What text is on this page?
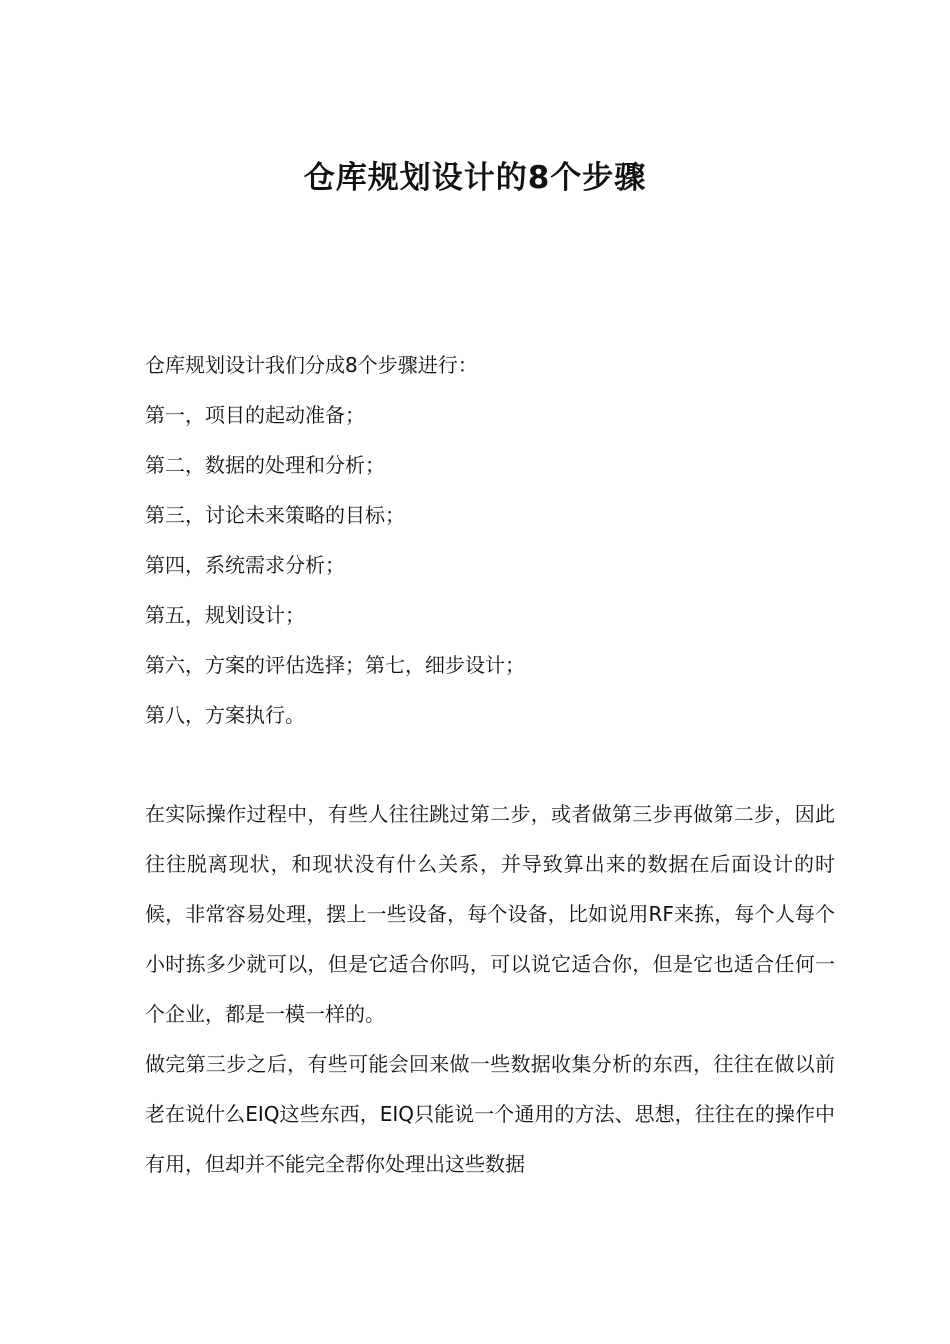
仓库规划设计的8个步骤
仓库规划设计我们分成8个步骤进行：
第一，项目的起动准备；
第二，数据的处理和分析；
第三，讨论未来策略的目标；
第四，系统需求分析；
第五，规划设计；
第六，方案的评估选择；第七，细步设计；
第八，方案执行。

在实际操作过程中，有些人往往跳过第二步，或者做第三步再做第二步，因此往往脱离现状，和现状没有什么关系，并导致算出来的数据在后面设计的时候，非常容易处理，摆上一些设备，每个设备，比如说用RF来拣，每个人每个小时拣多少就可以，但是它适合你吗，可以说它适合你，但是它也适合任何一个企业，都是一模一样的。

做完第三步之后，有些可能会回来做一些数据收集分析的东西，往往在做以前老在说什么EIQ这些东西，EIQ只能说一个通用的方法、思想，往往在的操作中有用，但却并不能完全帮你处理出这些数据
